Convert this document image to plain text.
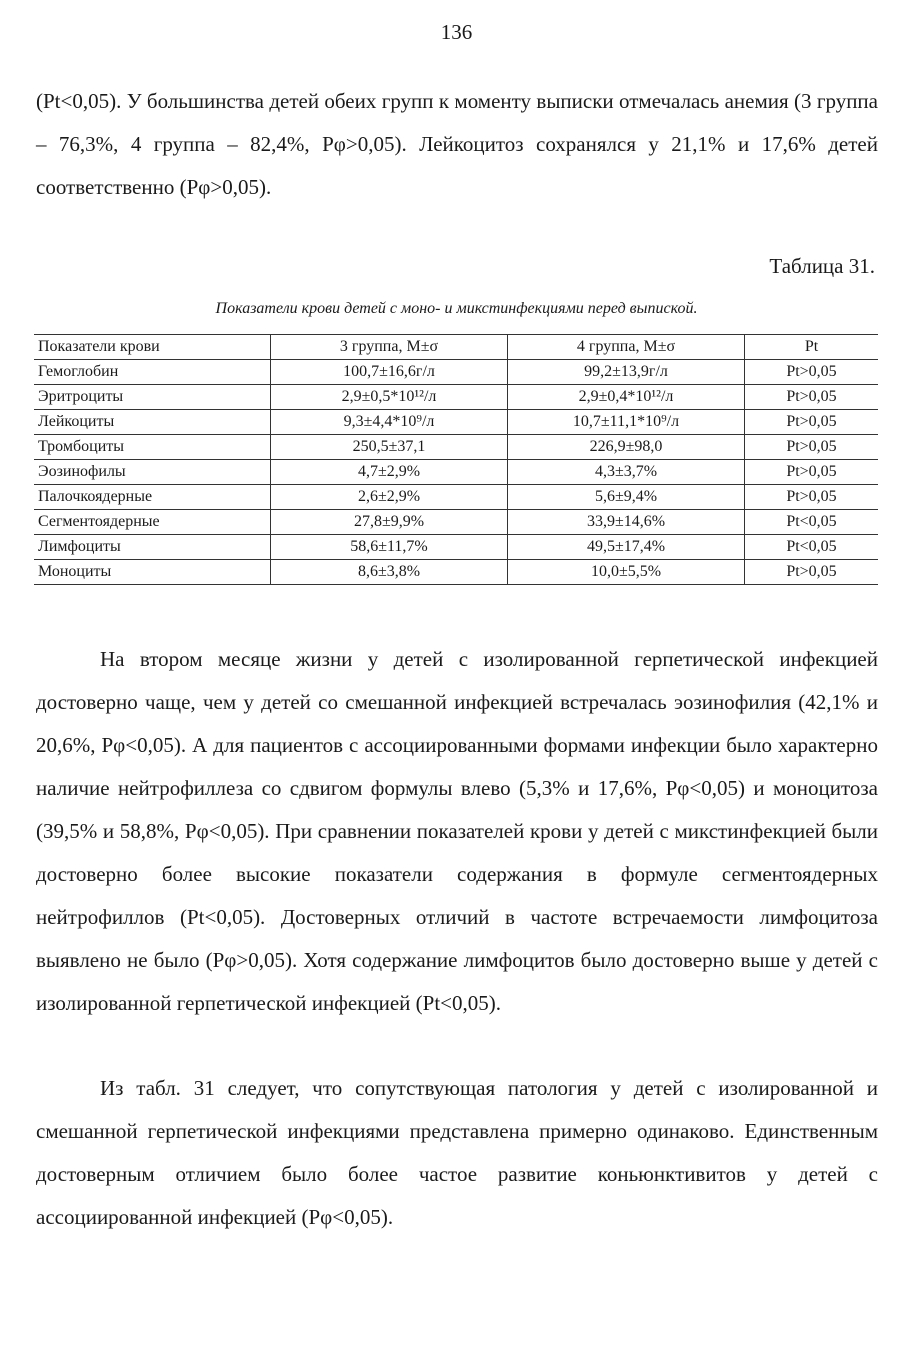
136

(Pt<0,05). У большинства детей обеих групп к моменту выписки отмечалась анемия (3 группа – 76,3%, 4 группа – 82,4%, Рφ>0,05). Лейкоцитоз сохранялся у 21,1% и 17,6% детей соответственно (Рφ>0,05).

Таблица 31.
Показатели крови детей с моно- и микстинфекциями перед выпиской.
Показатели крови	3 группа, M±σ	4 группа, M±σ	Pt
Гемоглобин	100,7±16,6г/л	99,2±13,9г/л	Pt>0,05
Эритроциты	2,9±0,5*10¹²/л	2,9±0,4*10¹²/л	Pt>0,05
Лейкоциты	9,3±4,4*10⁹/л	10,7±11,1*10⁹/л	Pt>0,05
Тромбоциты	250,5±37,1	226,9±98,0	Pt>0,05
Эозинофилы	4,7±2,9%	4,3±3,7%	Pt>0,05
Палочкоядерные	2,6±2,9%	5,6±9,4%	Pt>0,05
Сегментоядерные	27,8±9,9%	33,9±14,6%	Pt<0,05
Лимфоциты	58,6±11,7%	49,5±17,4%	Pt<0,05
Моноциты	8,6±3,8%	10,0±5,5%	Pt>0,05

На втором месяце жизни у детей с изолированной герпетической инфекцией достоверно чаще, чем у детей со смешанной инфекцией встречалась эозинофилия (42,1% и 20,6%, Рφ<0,05). А для пациентов с ассоциированными формами инфекции было характерно наличие нейтрофиллеза со сдвигом формулы влево (5,3% и 17,6%, Рφ<0,05) и моноцитоза (39,5% и 58,8%, Рφ<0,05). При сравнении показателей крови у детей с микстинфекцией были достоверно более высокие показатели содержания в формуле сегментоядерных нейтрофиллов (Pt<0,05). Достоверных отличий в частоте встречаемости лимфоцитоза выявлено не было (Рφ>0,05). Хотя содержание лимфоцитов было достоверно выше у детей с изолированной герпетической инфекцией (Pt<0,05).

Из табл. 31 следует, что сопутствующая патология у детей с изолированной и смешанной герпетической инфекциями представлена примерно одинаково. Единственным достоверным отличием было более частое развитие коньюнктивитов у детей с ассоциированной инфекцией (Рφ<0,05).
